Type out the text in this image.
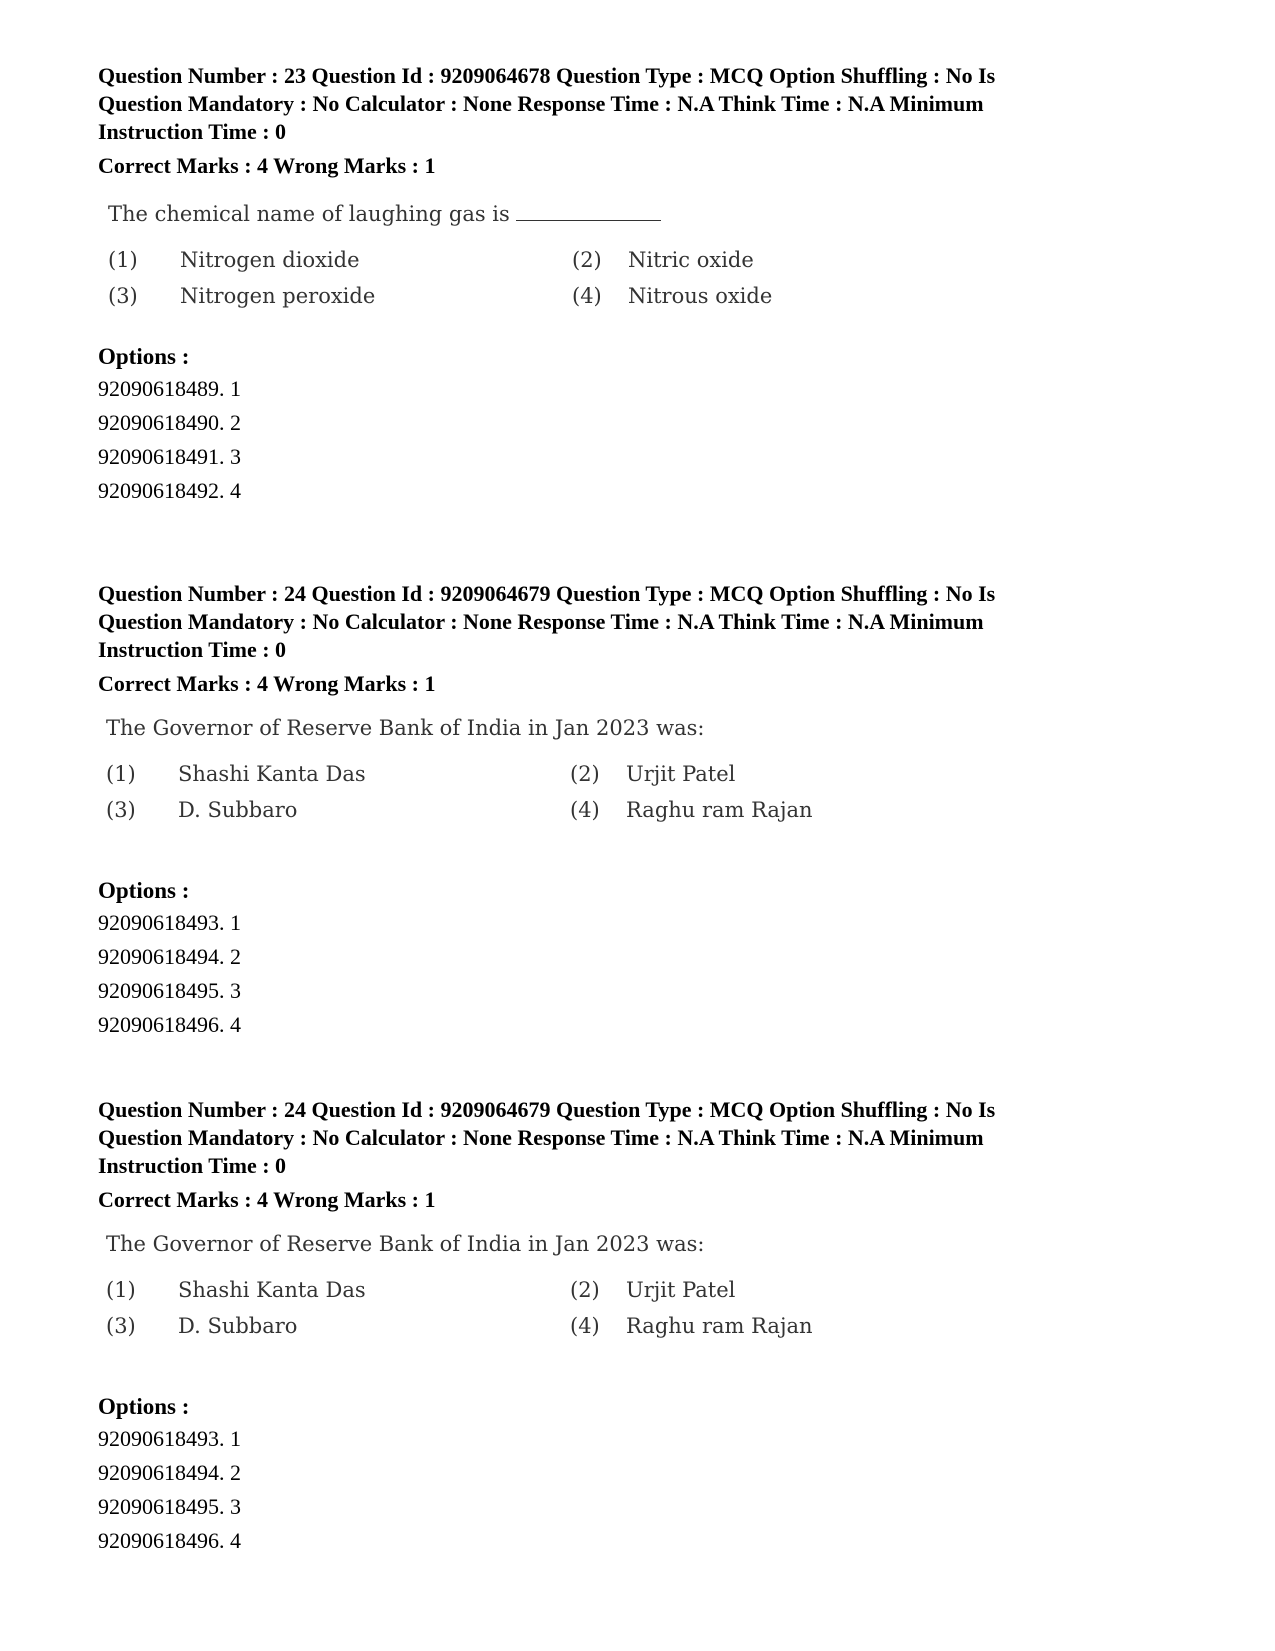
Question Number : 23 Question Id : 9209064678 Question Type : MCQ Option Shuffling : No Is
Question Mandatory : No Calculator : None Response Time : N.A Think Time : N.A Minimum
Instruction Time : 0
Correct Marks : 4 Wrong Marks : 1
The chemical name of laughing gas is
(1) Nitrogen dioxide	(2) Nitric oxide
(3) Nitrogen peroxide	(4) Nitrous oxide
Options :
92090618489. 1
92090618490. 2
92090618491. 3
92090618492. 4
Question Number : 24 Question Id : 9209064679 Question Type : MCQ Option Shuffling : No Is
Question Mandatory : No Calculator : None Response Time : N.A Think Time : N.A Minimum
Instruction Time : 0
Correct Marks : 4 Wrong Marks : 1
The Governor of Reserve Bank of India in Jan 2023 was:
(1) Shashi Kanta Das	(2) Urjit Patel
(3) D. Subbaro	(4) Raghu ram Rajan
Options :
92090618493. 1
92090618494. 2
92090618495. 3
92090618496. 4
Question Number : 24 Question Id : 9209064679 Question Type : MCQ Option Shuffling : No Is
Question Mandatory : No Calculator : None Response Time : N.A Think Time : N.A Minimum
Instruction Time : 0
Correct Marks : 4 Wrong Marks : 1
The Governor of Reserve Bank of India in Jan 2023 was:
(1) Shashi Kanta Das	(2) Urjit Patel
(3) D. Subbaro	(4) Raghu ram Rajan
Options :
92090618493. 1
92090618494. 2
92090618495. 3
92090618496. 4
